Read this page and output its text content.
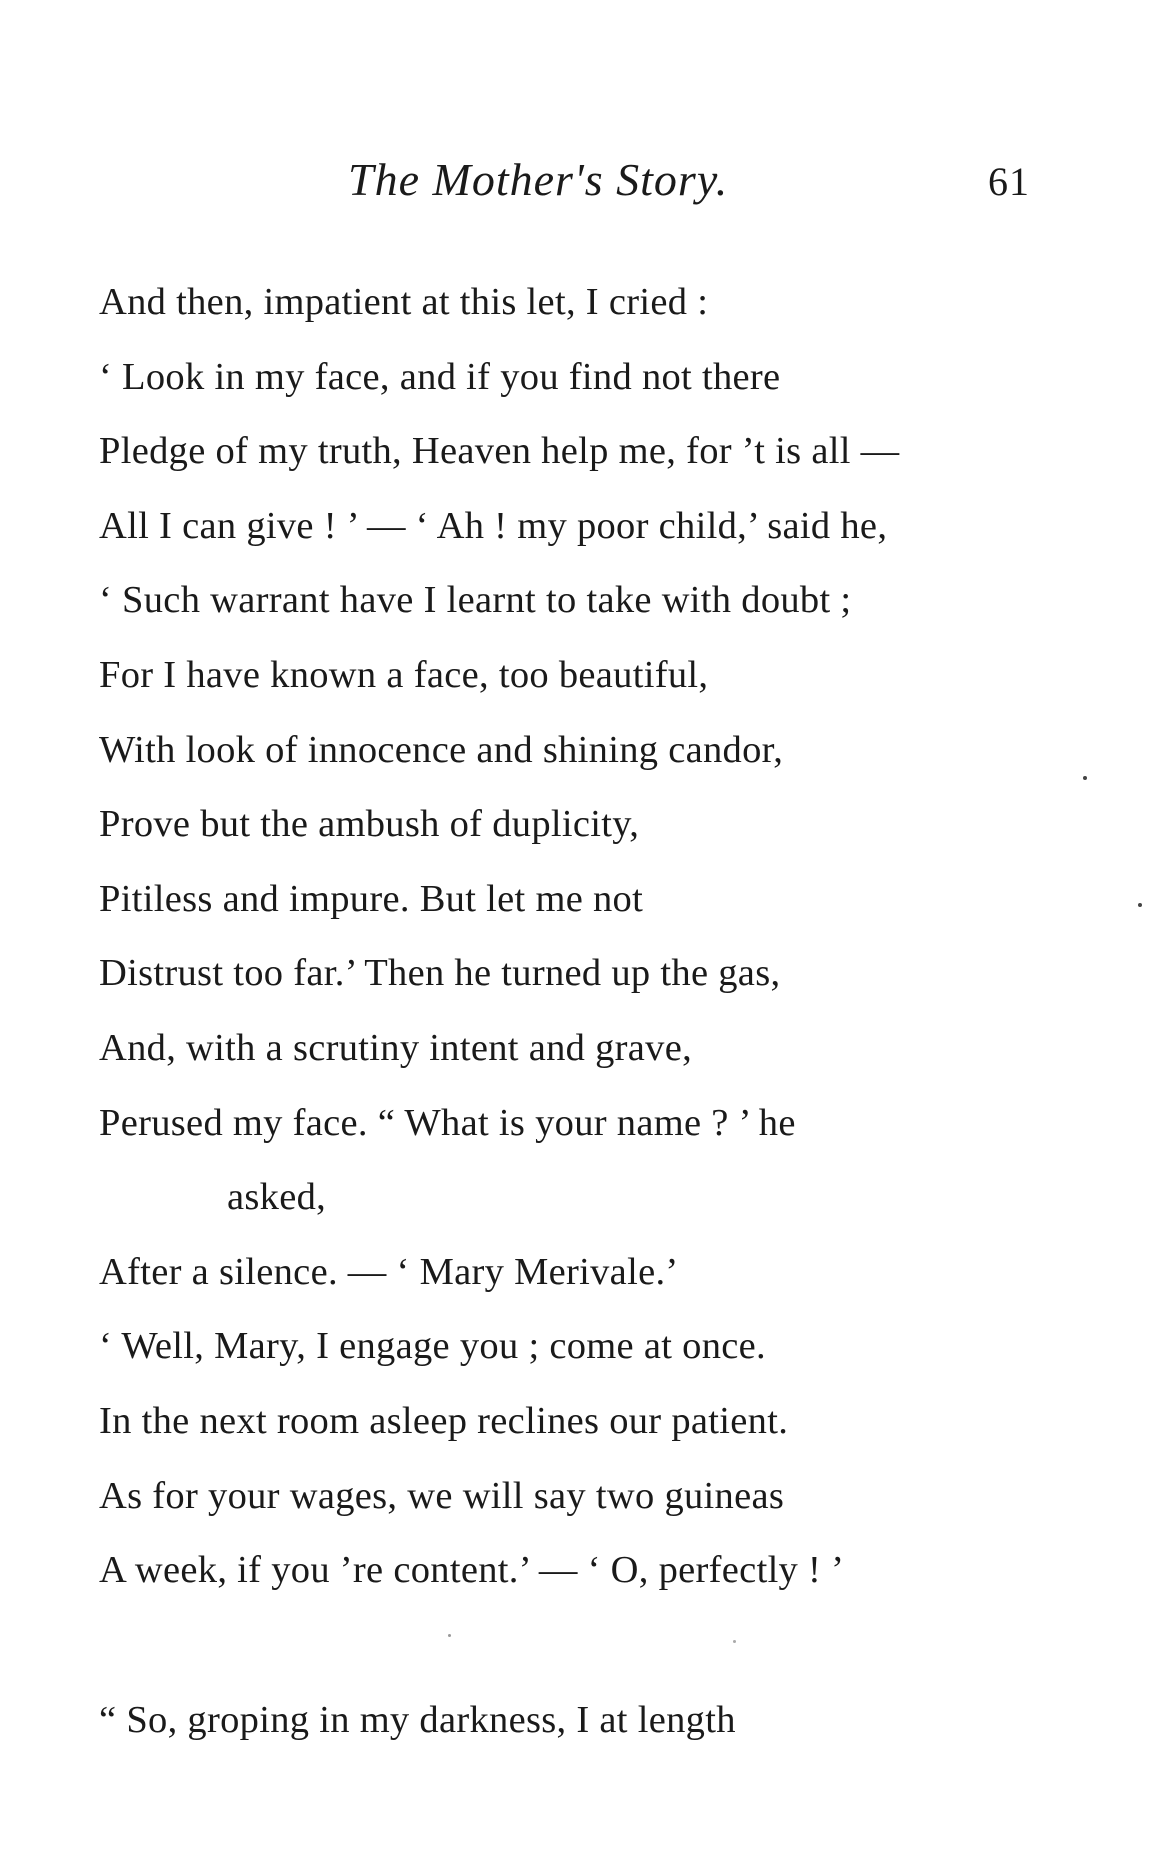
The Mother's Story.	61
And then, impatient at this let, I cried :
‘ Look in my face, and if you find not there
Pledge of my truth, Heaven help me, for ’t is all —
All I can give ! ’ — ‘ Ah ! my poor child,’ said he,
‘ Such warrant have I learnt to take with doubt ;
For I have known a face, too beautiful,
With look of innocence and shining candor,
Prove but the ambush of duplicity,
Pitiless and impure. But let me not
Distrust too far.’ Then he turned up the gas,
And, with a scrutiny intent and grave,
Perused my face. “ What is your name ? ’ he
asked,
After a silence. — ‘ Mary Merivale.’
‘ Well, Mary, I engage you ; come at once.
In the next room asleep reclines our patient.
As for your wages, we will say two guineas
A week, if you ’re content.’ — ‘ O, perfectly ! ’
“ So, groping in my darkness, I at length
